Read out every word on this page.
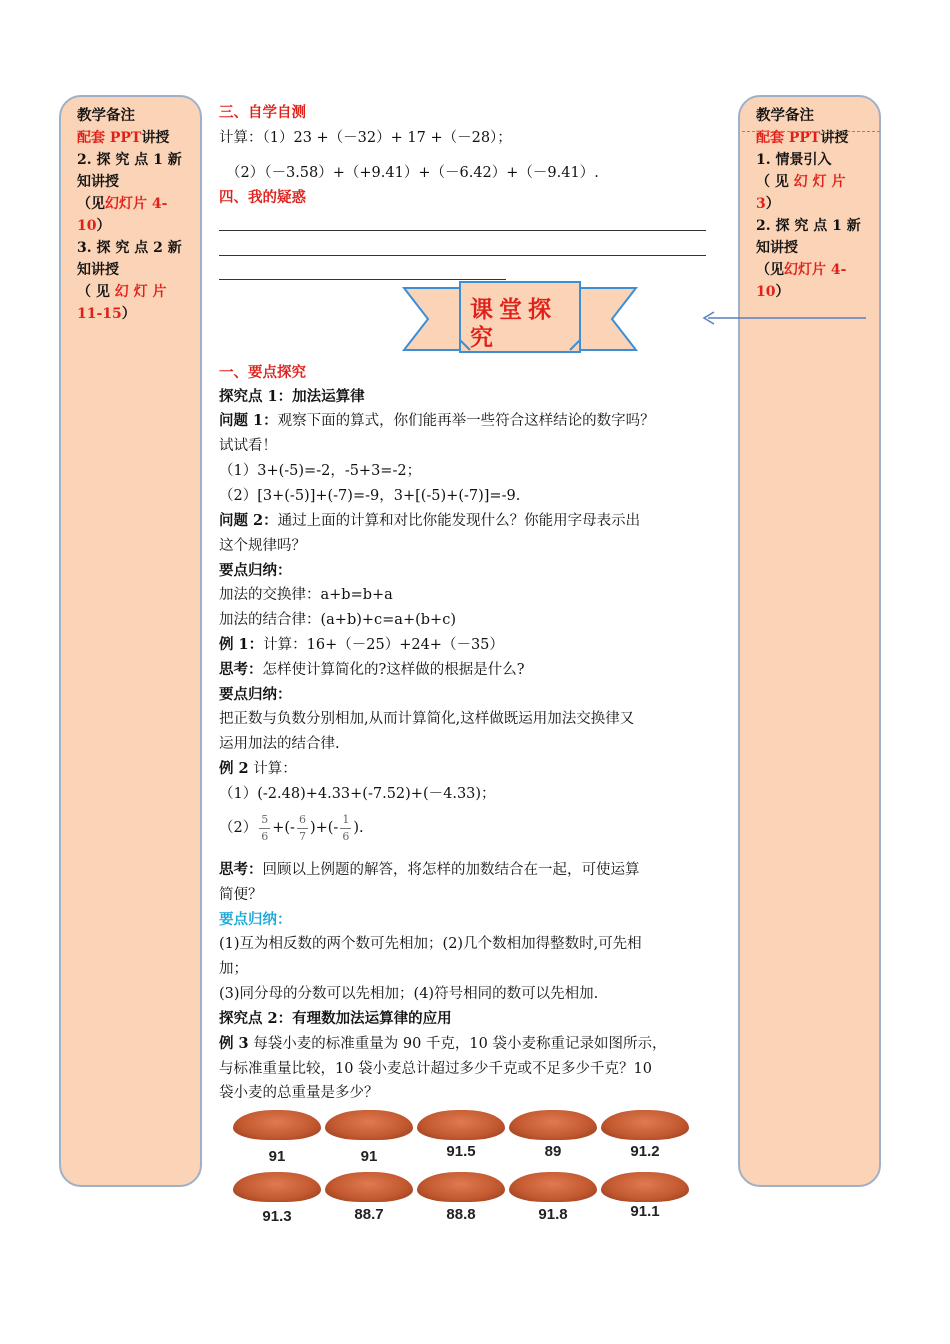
教学备注
配套 PPT讲授
2. 探 究 点 1 新
知讲授
（见幻灯片 4-
10）
3. 探 究 点 2 新
知讲授
（ 见 幻 灯 片
11-15）
教学备注
配套 PPT讲授
1. 情景引入
（ 见 幻 灯 片
3）
2. 探 究 点 1 新
知讲授
（见幻灯片 4-
10）
三、自学自测
计算：（1）23 +（－32）+ 17 +（－28）；
（2）（－3.58）+（+9.41）+（－6.42）+（－9.41）.
四、我的疑惑
课堂探究
一、要点探究
探究点 1：加法运算律
问题 1：观察下面的算式，你们能再举一些符合这样结论的数字吗？
试试看！
（1）3+(-5)=-2，-5+3=-2；
（2）[3+(-5)]+(-7)=-9，3+[(-5)+(-7)]=-9.
问题 2：通过上面的计算和对比你能发现什么？你能用字母表示出
这个规律吗？
要点归纳：
加法的交换律：a+b=b+a
加法的结合律：(a+b)+c=a+(b+c)
例 1：计算：16+（－25）+24+（－35）
思考：怎样使计算简化的?这样做的根据是什么?
要点归纳：
把正数与负数分别相加,从而计算简化,这样做既运用加法交换律又
运用加法的结合律.
例 2 计算：
（1）(-2.48)+4.33+(-7.52)+(－4.33)；
$(2) \frac{5}{6}$ +(- $\frac{6}{7}$ )+(- $\frac{1}{6}$ ).
思考：回顾以上例题的解答，将怎样的加数结合在一起，可使运算
简便？
要点归纳：
(1)互为相反数的两个数可先相加；(2)几个数相加得整数时,可先相
加；
(3)同分母的分数可以先相加；(4)符号相同的数可以先相加.
探究点 2：有理数加法运算律的应用
例 3 每袋小麦的标准重量为 90 千克，10 袋小麦称重记录如图所示，
与标准重量比较，10 袋小麦总计超过多少千克或不足多少千克？10
袋小麦的总重量是多少？
91	91	91.5	89	91.2
91.3	88.7	88.8	91.8	91.1
